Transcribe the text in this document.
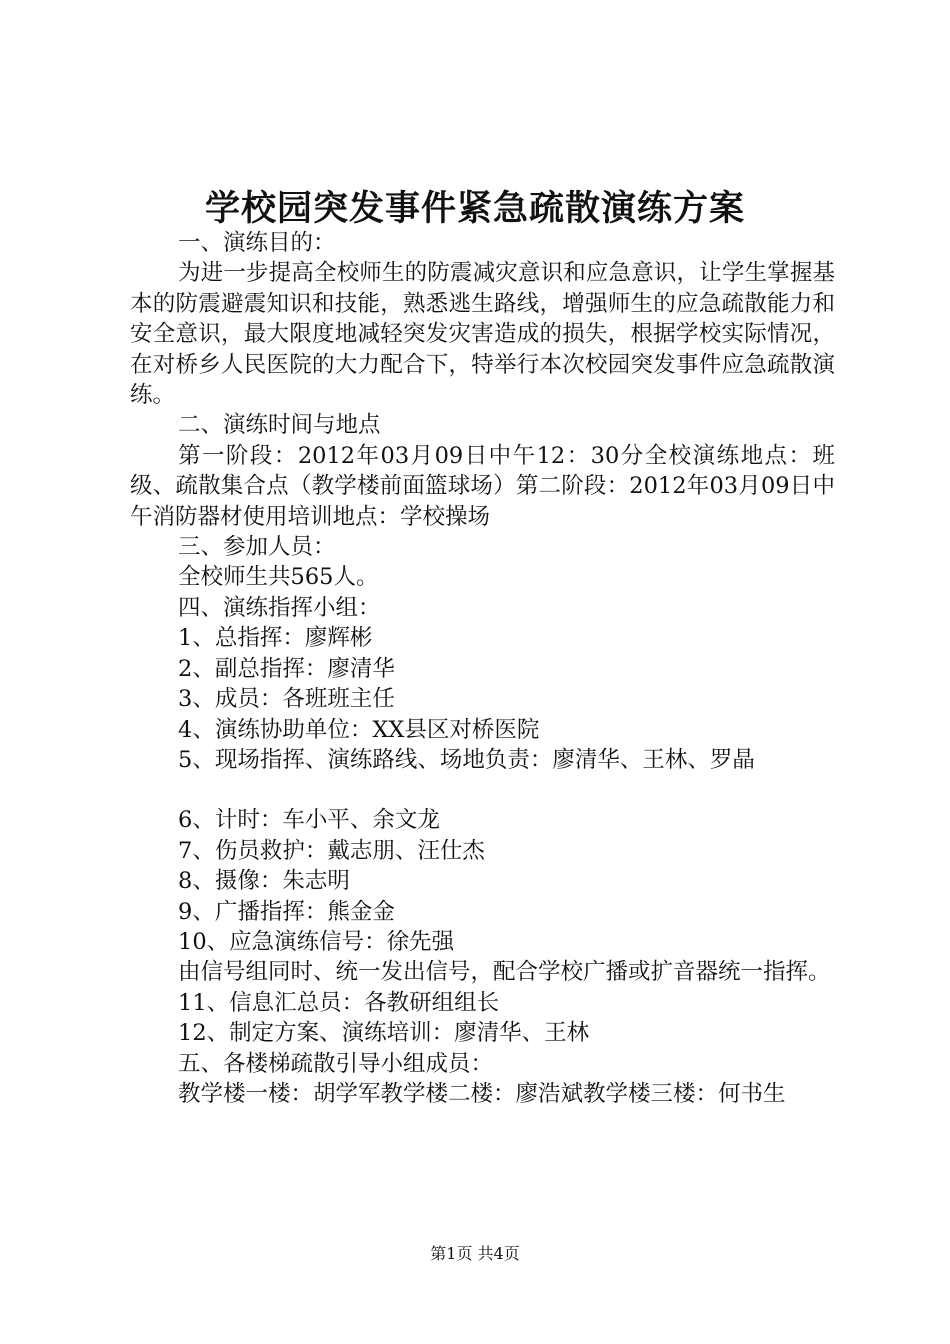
学校园突发事件紧急疏散演练方案

一、演练目的：

为进一步提高全校师生的防震减灾意识和应急意识，让学生掌握基本的防震避震知识和技能，熟悉逃生路线，增强师生的应急疏散能力和安全意识，最大限度地减轻突发灾害造成的损失，根据学校实际情况，在对桥乡人民医院的大力配合下，特举行本次校园突发事件应急疏散演练。

二、演练时间与地点

第一阶段：2012年03月09日中午12：30分全校演练地点：班级、疏散集合点（教学楼前面篮球场）第二阶段：2012年03月09日中午消防器材使用培训地点：学校操场

三、参加人员：

全校师生共565人。

四、演练指挥小组：

1、总指挥：廖辉彬

2、副总指挥：廖清华

3、成员：各班班主任

4、演练协助单位：XX县区对桥医院

5、现场指挥、演练路线、场地负责：廖清华、王林、罗晶

6、计时：车小平、余文龙

7、伤员救护：戴志朋、汪仕杰

8、摄像：朱志明

9、广播指挥：熊金金

10、应急演练信号：徐先强

由信号组同时、统一发出信号，配合学校广播或扩音器统一指挥。

11、信息汇总员：各教研组组长

12、制定方案、演练培训：廖清华、王林

五、各楼梯疏散引导小组成员：

教学楼一楼：胡学军教学楼二楼：廖浩斌教学楼三楼：何书生

第1页 共4页
